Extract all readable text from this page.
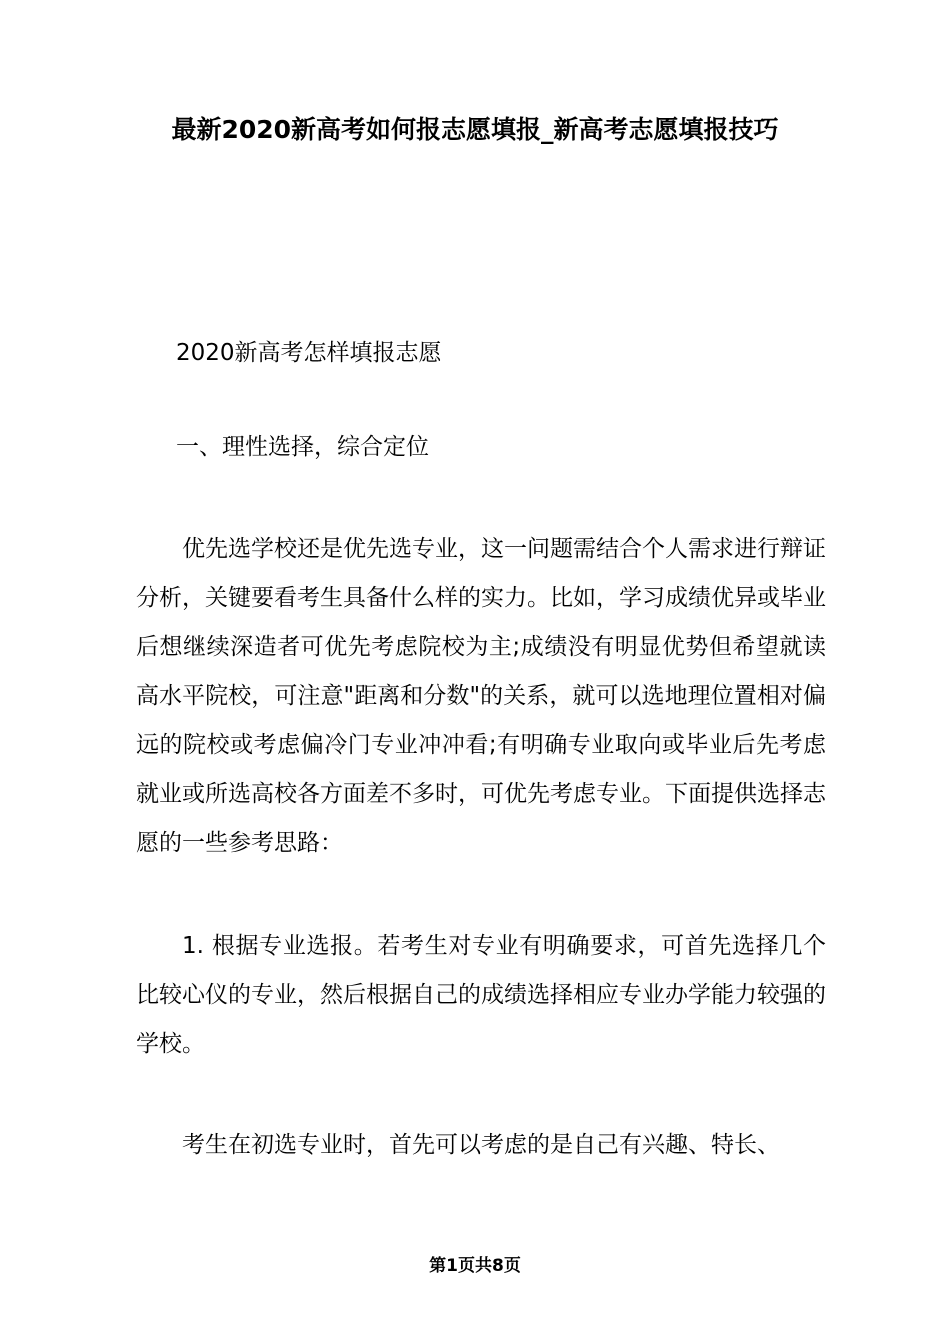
最新2020新高考如何报志愿填报_新高考志愿填报技巧

2020新高考怎样填报志愿

一、理性选择，综合定位

优先选学校还是优先选专业，这一问题需结合个人需求进行辩证分析，关键要看考生具备什么样的实力。比如，学习成绩优异或毕业后想继续深造者可优先考虑院校为主;成绩没有明显优势但希望就读高水平院校，可注意"距离和分数"的关系，就可以选地理位置相对偏远的院校或考虑偏冷门专业冲冲看;有明确专业取向或毕业后先考虑就业或所选高校各方面差不多时，可优先考虑专业。下面提供选择志愿的一些参考思路：

1. 根据专业选报。若考生对专业有明确要求，可首先选择几个比较心仪的专业，然后根据自己的成绩选择相应专业办学能力较强的学校。

考生在初选专业时，首先可以考虑的是自己有兴趣、特长、

第1页共8页
